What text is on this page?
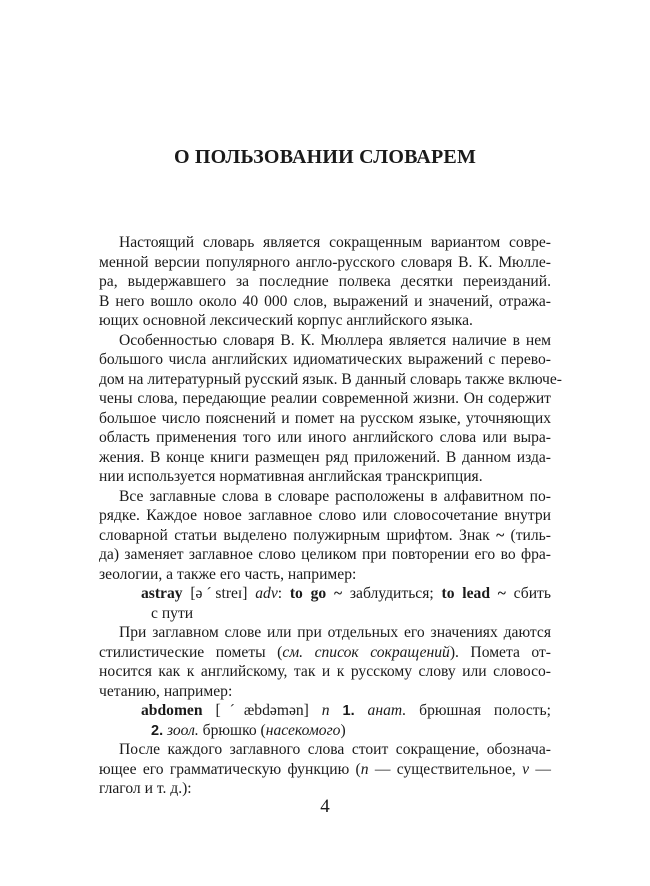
О ПОЛЬЗОВАНИИ СЛОВАРЕМ
Настоящий словарь является сокращенным вариантом совре-
менной версии популярного англо-русского словаря В. К. Мюлле-
ра, выдержавшего за последние полвека десятки переизданий.
В него вошло около 40 000 слов, выражений и значений, отража-
ющих основной лексический корпус английского языка.
Особенностью словаря В. К. Мюллера является наличие в нем
большого числа английских идиоматических выражений с перево-
дом на литературный русский язык. В данный словарь также включе-
чены слова, передающие реалии современной жизни. Он содержит
большое число пояснений и помет на русском языке, уточняющих
область применения того или иного английского слова или выра-
жения. В конце книги размещен ряд приложений. В данном изда-
нии используется нормативная английская транскрипция.
Все заглавные слова в словаре расположены в алфавитном по-
рядке. Каждое новое заглавное слово или словосочетание внутри
словарной статьи выделено полужирным шрифтом. Знак ~ (тиль-
да) заменяет заглавное слово целиком при повторении его во фра-
зеологии, а также его часть, например:
astray [əˊstreɪ] adv: to go ~ заблудиться; to lead ~ сбить
с пути
При заглавном слове или при отдельных его значениях даются
стилистические пометы (см. список сокращений). Помета от-
носится как к английскому, так и к русскому слову или словосо-
четанию, например:
abdomen [ˊæbdəmən] n 1. анат. брюшная полость;
2. зоол. брюшко (насекомого)
После каждого заглавного слова стоит сокращение, обознача-
ющее его грамматическую функцию (n — существительное, v —
глагол и т. д.):
4
